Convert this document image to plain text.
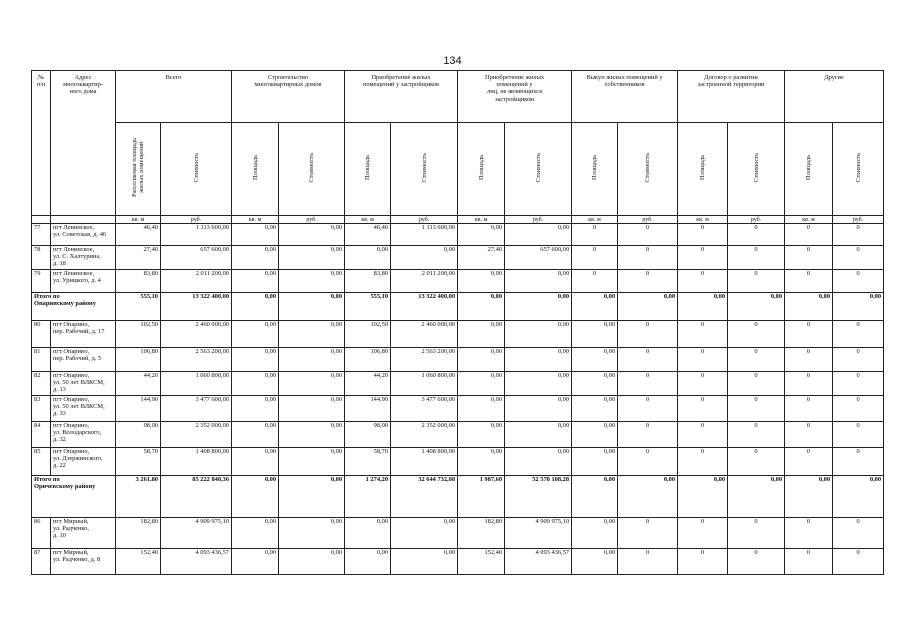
134
№
п/п	Адрес
многоквартир-
ного дома	Всего		Строительство
многоквартирных домов		Приобретение жилых
помещений у застройщиков		Приобретение жилых
помещений у
лиц, не являющихся
застройщиком		Выкуп жилых помещений у
собственников		Договор о развитии
застроенной территории		Другие	

		Расселяемая площадь
жилых помещений	Стоимость	Площадь	Стоимость	Площадь	Стоимость	Площадь	Стоимость	Площадь	Стоимость	Площадь	Стоимость	Площадь	Стоимость
		кв. м	руб.	кв. м	руб.	кв. м	руб.	кв. м	руб.	кв. м	руб.	кв. м	руб.	кв. м	руб.
77	пгт Ленинское,
ул. Советская, д. 46	46,40	1 113 600,00	0,00	0,00	46,40	1 113 600,00	0,00	0,00	0	0	0	0	0	0
78	пгт Ленинское,
ул. С. Халтурина,
д. 18	27,40	657 600,00	0,00	0,00	0,00	0,00	27,40	657 600,00	0	0	0	0	0	0
79	пгт Ленинское,
ул. Урицкого, д. 4	83,80	2 011 200,00	0,00	0,00	83,80	2 011 200,00	0,00	0,00	0	0	0	0	0	0

Итого по
Опаринскому району		555,10	13 322 400,00	0,00	0,00	555,10	13 322 400,00	0,00	0,00	0,00	0,00	0,00	0,00	0,00	0,00
80	пгт Опарино,
пер. Рабочий, д. 17	102,50	2 460 000,00	0,00	0,00	102,50	2 460 000,00	0,00	0,00	0,00	0	0	0	0	0
81	пгт Опарино,
пер. Рабочий, д. 5	106,80	2 563 200,00	0,00	0,00	106,80	2 563 200,00	0,00	0,00	0,00	0	0	0	0	0
82	пгт Опарино,
ул. 50 лет ВЛКСМ,
д. 13	44,20	1 060 800,00	0,00	0,00	44,20	1 060 800,00	0,00	0,00	0,00	0	0	0	0	0
83	пгт Опарино,
ул. 50 лет ВЛКСМ,
д. 33	144,90	3 477 600,00	0,00	0,00	144,90	3 477 600,00	0,00	0,00	0,00	0	0	0	0	0
84	пгт Опарино,
ул. Володарского,
д. 32	98,00	2 352 000,00	0,00	0,00	98,00	2 352 000,00	0,00	0,00	0,00	0	0	0	0	0
85	пгт Опарино,
ул. Дзержинского,
д. 22	58,70	1 408 800,00	0,00	0,00	58,70	1 408 800,00	0,00	0,00	0,00	0	0	0	0	0

Итого по
Оричевскому району		3 261,80	85 222 840,36	0,00	0,00	1 274,20	32 644 732,08	1 987,60	52 578 108,28	0,00	0,00	0,00	0,00	0,00	0,00
86	пгт Мирный,
ул. Радченко,
д. 10	182,80	4 909 975,10	0,00	0,00	0,00	0,00	182,80	4 909 975,10	0,00	0	0	0	0	0
87	пгт Мирный,
ул. Радченко, д. 8	152,40	4 093 436,57	0,00	0,00	0,00	0,00	152,40	4 093 436,57	0,00	0	0	0	0	0
